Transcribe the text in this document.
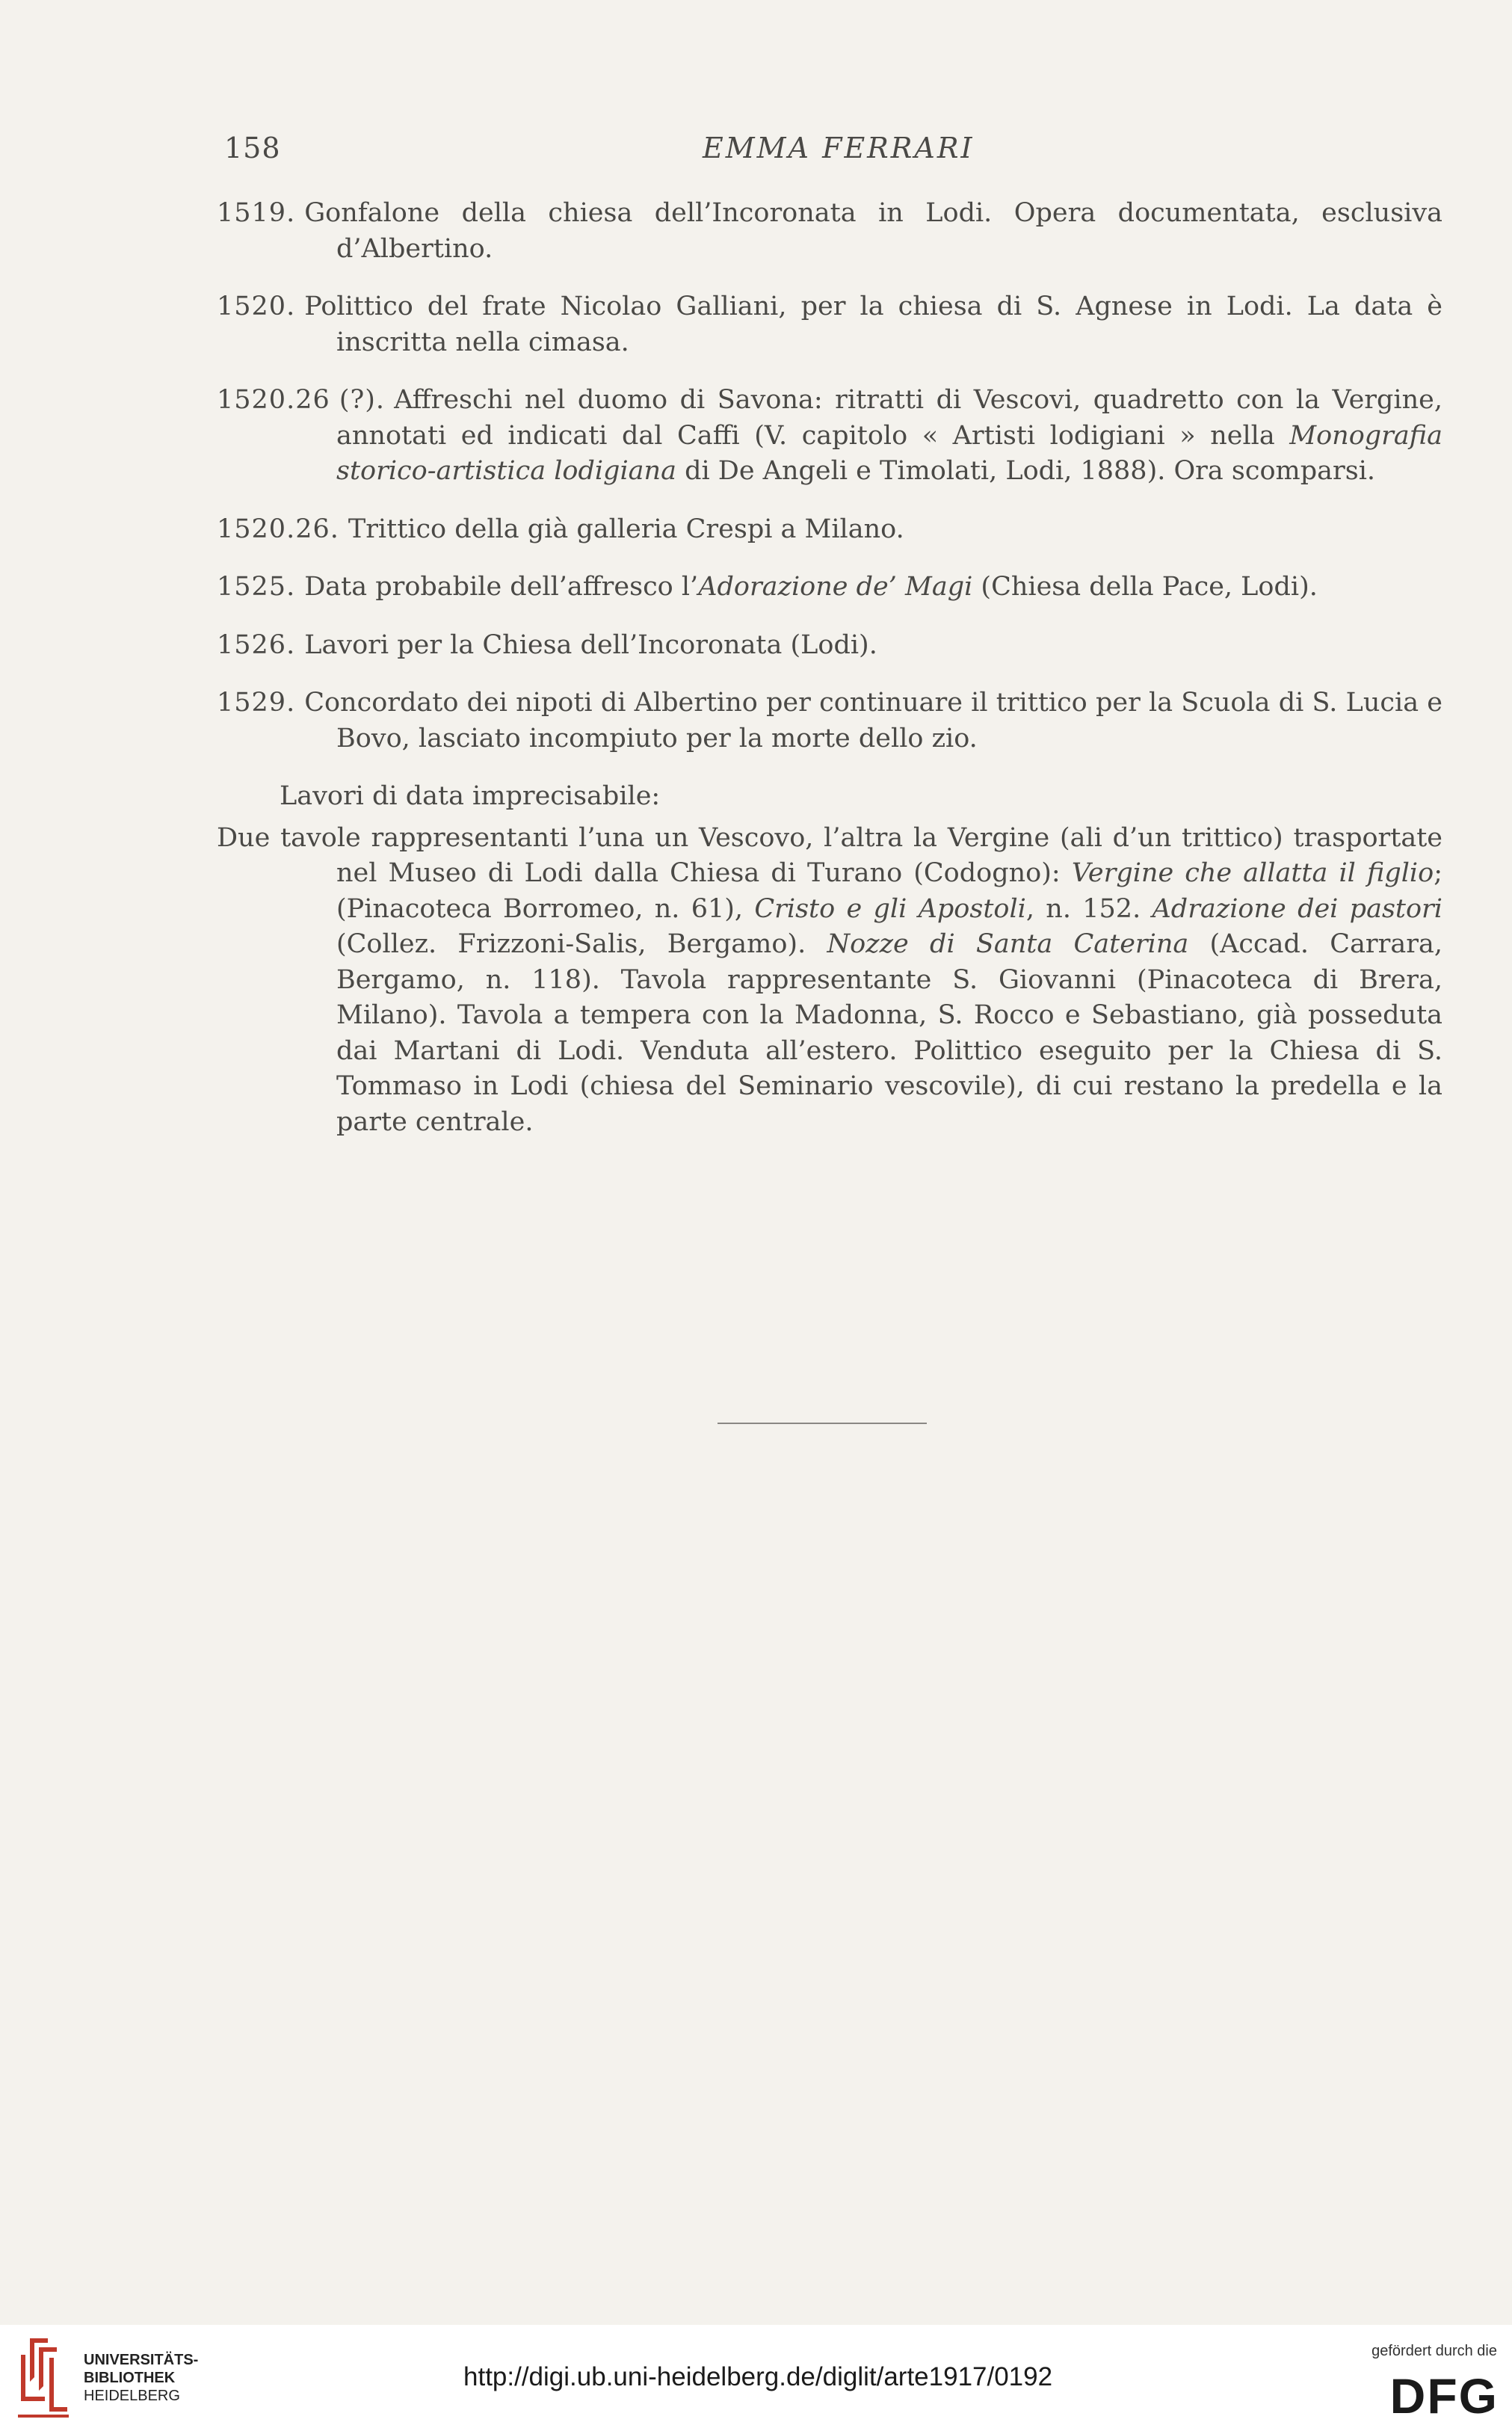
158	EMMA FERRARI

1519. Gonfalone della chiesa dell’Incoronata in Lodi. Opera documentata, esclusiva d’Albertino.

1520. Polittico del frate Nicolao Galliani, per la chiesa di S. Agnese in Lodi. La data è inscritta nella cimasa.

1520.26 (?). Affreschi nel duomo di Savona: ritratti di Vescovi, quadretto con la Vergine, annotati ed indicati dal Caffi (V. capitolo « Artisti lodigiani » nella Monografia storico-artistica lodigiana di De Angeli e Timolati, Lodi, 1888). Ora scomparsi.

1520.26. Trittico della già galleria Crespi a Milano.

1525. Data probabile dell’affresco l’Adorazione de’ Magi (Chiesa della Pace, Lodi).

1526. Lavori per la Chiesa dell’Incoronata (Lodi).

1529. Concordato dei nipoti di Albertino per continuare il trittico per la Scuola di S. Lucia e Bovo, lasciato incompiuto per la morte dello zio.

Lavori di data imprecisabile:

Due tavole rappresentanti l’una un Vescovo, l’altra la Vergine (ali d’un trittico) trasportate nel Museo di Lodi dalla Chiesa di Turano (Codogno): Vergine che allatta il figlio; (Pinacoteca Borromeo, n. 61), Cristo e gli Apostoli, n. 152. Adrazione dei pastori (Collez. Frizzoni-Salis, Bergamo). Nozze di Santa Caterina (Accad. Carrara, Bergamo, n. 118). Tavola rappresentante S. Giovanni (Pinacoteca di Brera, Milano). Tavola a tempera con la Madonna, S. Rocco e Sebastiano, già posseduta dai Martani di Lodi. Venduta all’estero. Polittico eseguito per la Chiesa di S. Tommaso in Lodi (chiesa del Seminario vescovile), di cui restano la predella e la parte centrale.

UNIVERSITÄTS-
BIBLIOTHEK
HEIDELBERG
http://digi.ub.uni-heidelberg.de/diglit/arte1917/0192
gefördert durch die
DFG
